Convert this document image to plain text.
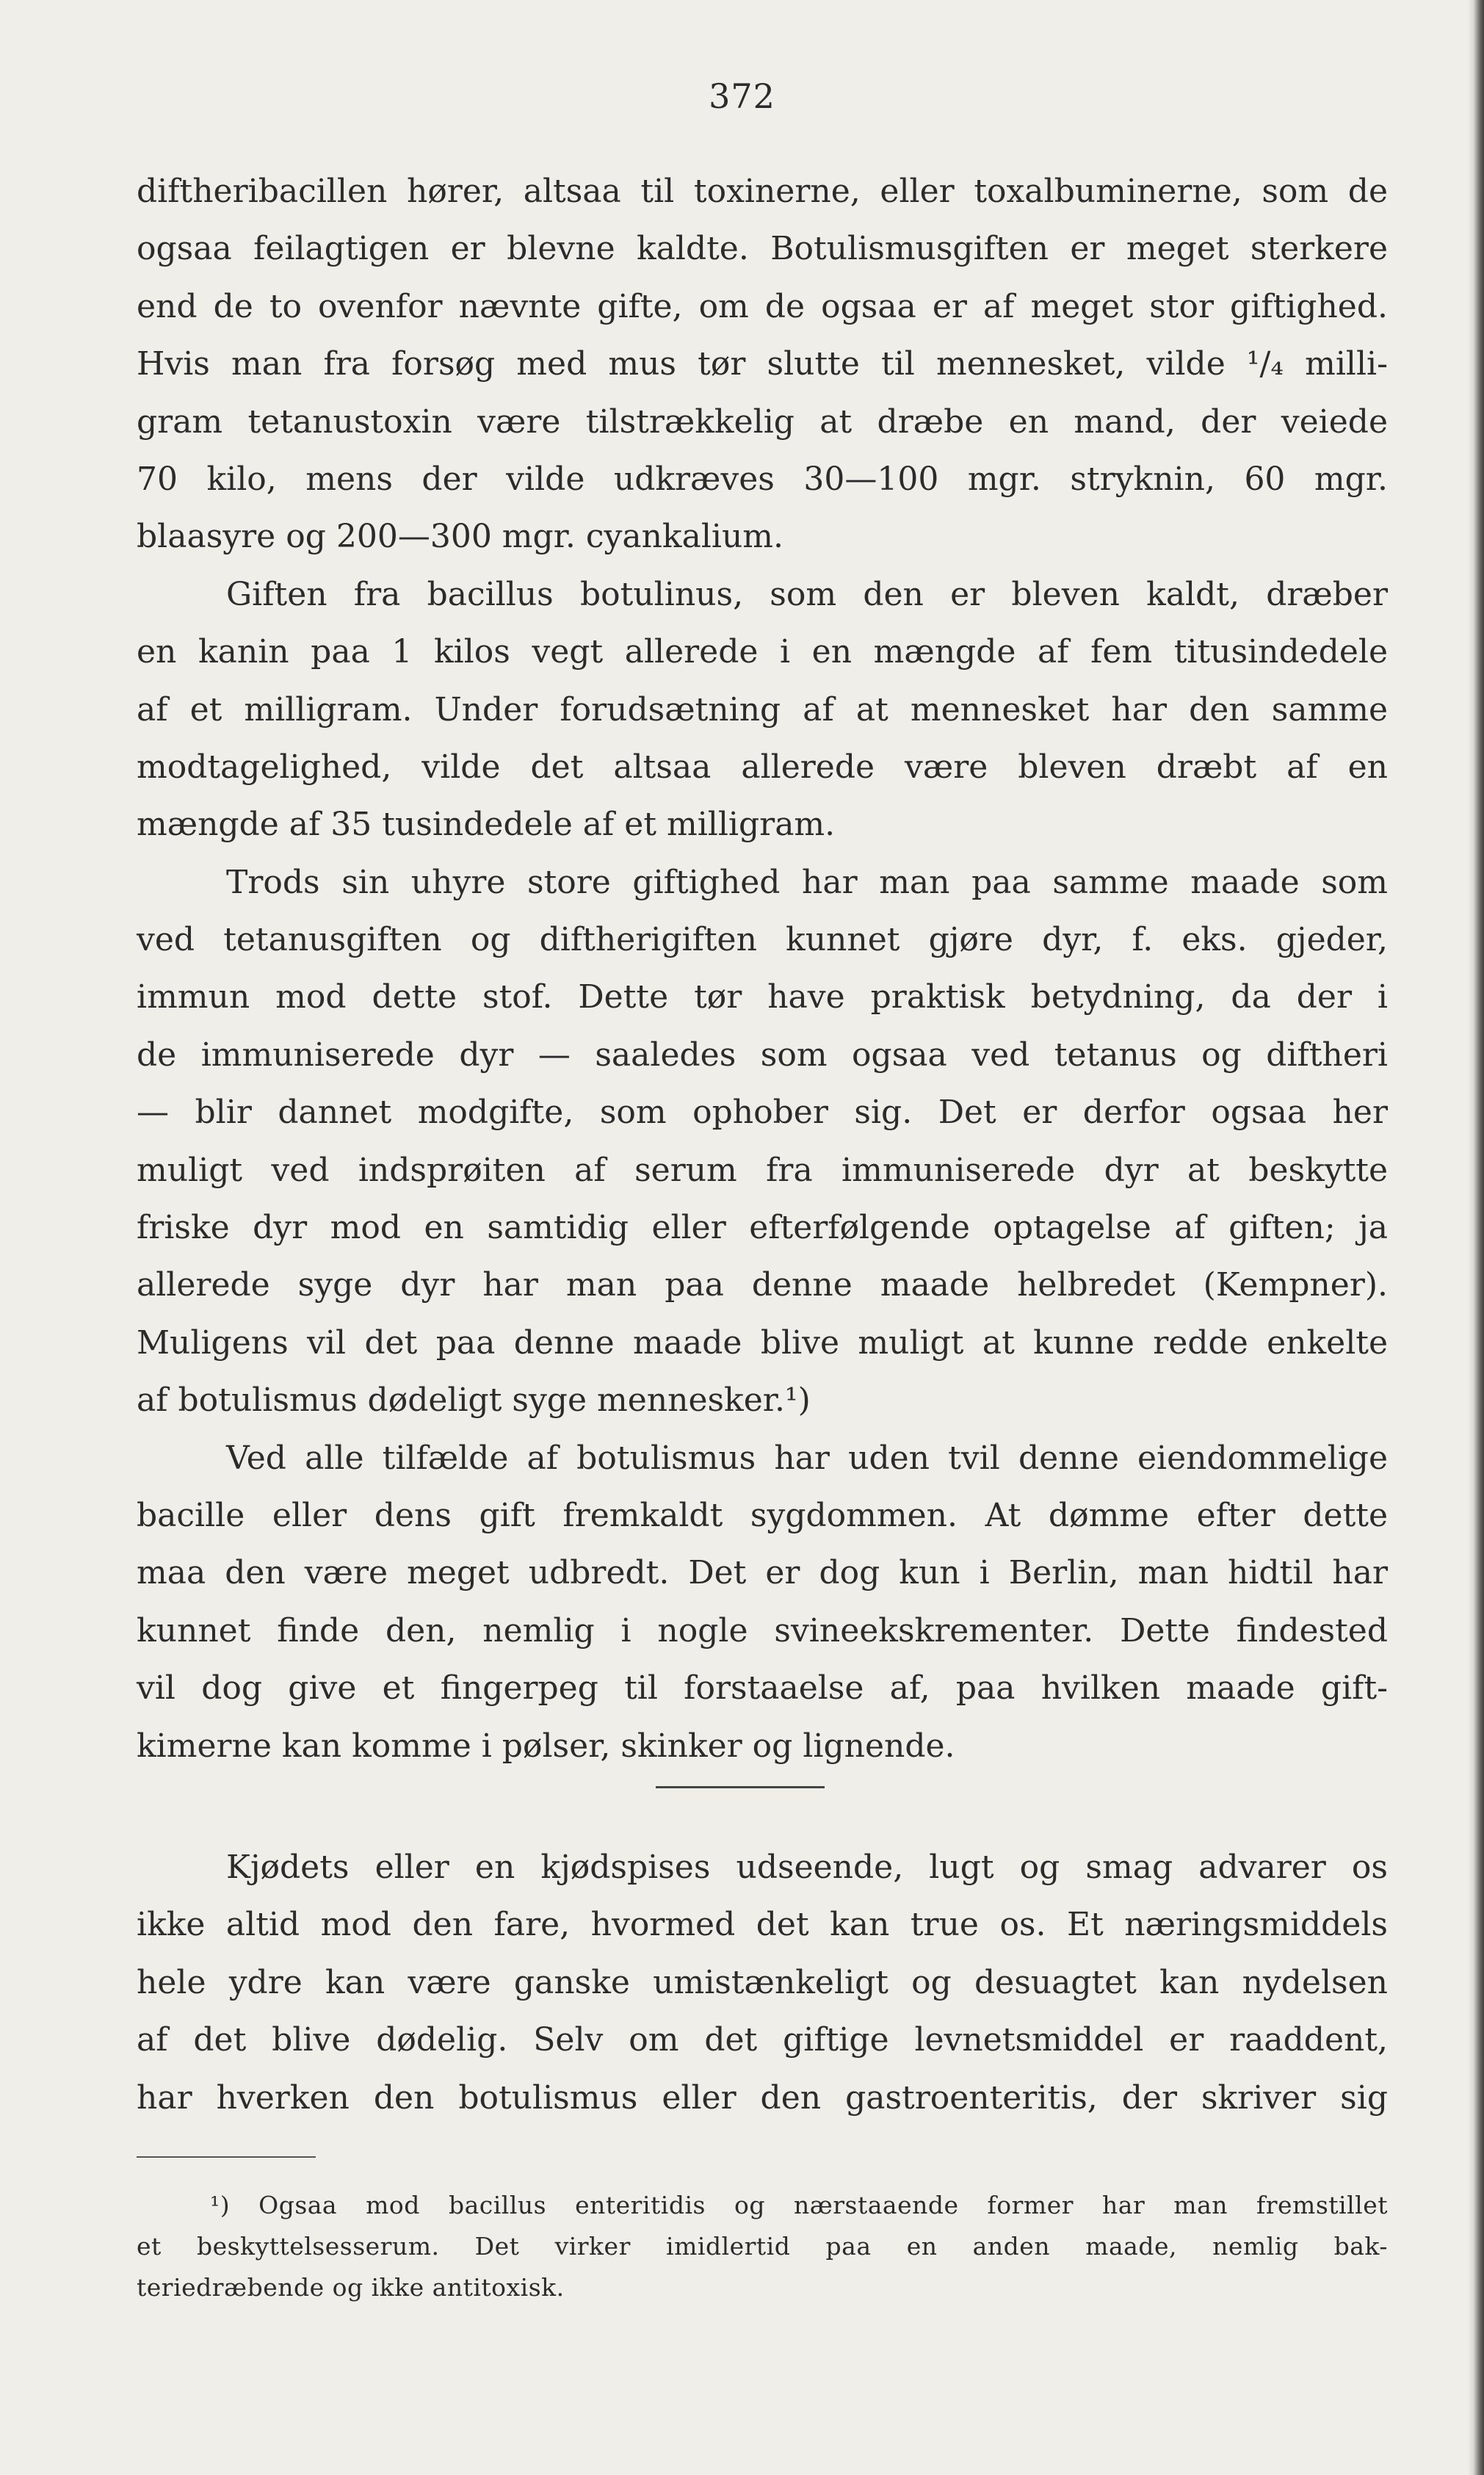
372
diftheribacillen hører, altsaa til toxinerne, eller toxalbuminerne, som de
ogsaa feilagtigen er blevne kaldte. Botulismusgiften er meget sterkere
end de to ovenfor nævnte gifte, om de ogsaa er af meget stor giftighed.
Hvis man fra forsøg med mus tør slutte til mennesket, vilde ¹/₄ milli-
gram tetanustoxin være tilstrækkelig at dræbe en mand, der veiede
70 kilo, mens der vilde udkræves 30—100 mgr. stryknin, 60 mgr.
blaasyre og 200—300 mgr. cyankalium.
Giften fra bacillus botulinus, som den er bleven kaldt, dræber
en kanin paa 1 kilos vegt allerede i en mængde af fem titusindedele
af et milligram. Under forudsætning af at mennesket har den samme
modtagelighed, vilde det altsaa allerede være bleven dræbt af en
mængde af 35 tusindedele af et milligram.
Trods sin uhyre store giftighed har man paa samme maade som
ved tetanusgiften og diftherigiften kunnet gjøre dyr, f. eks. gjeder,
immun mod dette stof. Dette tør have praktisk betydning, da der i
de immuniserede dyr — saaledes som ogsaa ved tetanus og diftheri
— blir dannet modgifte, som ophober sig. Det er derfor ogsaa her
muligt ved indsprøiten af serum fra immuniserede dyr at beskytte
friske dyr mod en samtidig eller efterfølgende optagelse af giften; ja
allerede syge dyr har man paa denne maade helbredet (Kempner).
Muligens vil det paa denne maade blive muligt at kunne redde enkelte
af botulismus dødeligt syge mennesker.¹)
Ved alle tilfælde af botulismus har uden tvil denne eiendommelige
bacille eller dens gift fremkaldt sygdommen. At dømme efter dette
maa den være meget udbredt. Det er dog kun i Berlin, man hidtil har
kunnet finde den, nemlig i nogle svineekskrementer. Dette findested
vil dog give et fingerpeg til forstaaelse af, paa hvilken maade gift-
kimerne kan komme i pølser, skinker og lignende.
Kjødets eller en kjødspises udseende, lugt og smag advarer os
ikke altid mod den fare, hvormed det kan true os. Et næringsmiddels
hele ydre kan være ganske umistænkeligt og desuagtet kan nydelsen
af det blive dødelig. Selv om det giftige levnetsmiddel er raaddent,
har hverken den botulismus eller den gastroenteritis, der skriver sig
¹) Ogsaa mod bacillus enteritidis og nærstaaende former har man fremstillet
et beskyttelsesserum. Det virker imidlertid paa en anden maade, nemlig bak-
teriedræbende og ikke antitoxisk.
